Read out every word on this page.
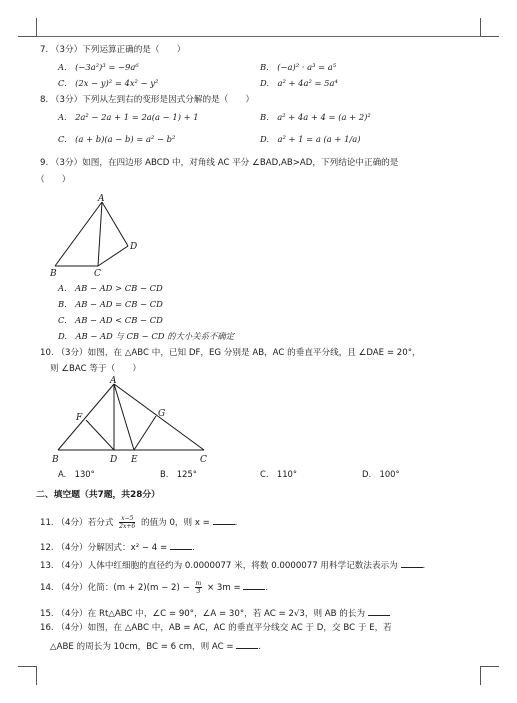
7. （3分）下列运算正确的是（　　）
A.　(−3a²)³ = −9a⁶	B.　(−a)² · a³ = a⁵
C.　(2x − y)² = 4x² − y²	D.　a² + 4a² = 5a⁴
8. （3分）下列从左到右的变形是因式分解的是（　　）
A.　2a² − 2a + 1 = 2a(a − 1) + 1	B.　a² + 4a + 4 = (a + 2)²
C.　(a + b)(a − b) = a² − b²	D.　a² + 1 = a (a + 1/a)
9. （3分）如图，在四边形 ABCD 中，对角线 AC 平分 ∠BAD,AB>AD，下列结论中正确的是
（　　）
A
B	C
D
A.　AB − AD > CB − CD
B.　AB − AD = CB − CD
C.　AB − AD < CB − CD
D.　AB − AD 与 CB − CD 的大小关系不确定
10. （3分）如图，在 △ABC 中，已知 DF，EG 分别是 AB，AC 的垂直平分线，且 ∠DAE = 20°，
则 ∠BAC 等于（　　）
A
B	D E	C
F	G
A.　130°	B.　125°	C.　110°	D.　100°
二、填空题（共7题，共28分）
11. （4分）若分式 $\frac{x-5}{2x+6}$ 的值为 0，则 x =	.
12. （4分）分解因式：x² − 4 =	.
13. （4分）人体中红细胞的直径约为 0.0000077 米，将数 0.0000077 用科学记数法表示为	.
14. （4分）化简：$(m + 2)(m - 2) - \frac{m}{3} \times 3m$ =	.
15. （4分）在 Rt△ABC 中，∠C = 90°，∠A = 30°，若 AC = 2√3，则 AB 的长为
16. （4分）如图，在 △ABC 中，AB = AC，AC 的垂直平分线交 AC 于 D，交 BC 于 E，若
△ABE 的周长为 10cm，BC = 6 cm，则 AC =	.
